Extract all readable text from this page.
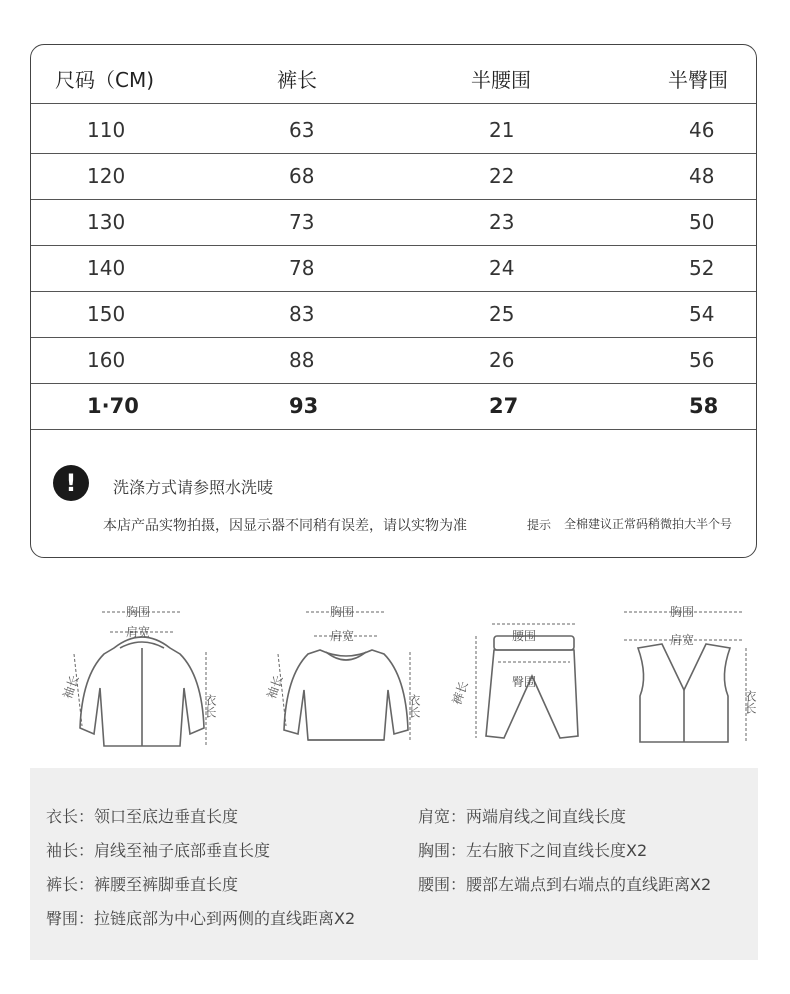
尺码（CM)	裤长	半腰围	半臀围
110	63	21	46
120	68	22	48
130	73	23	50
140	78	24	52
150	83	25	54
160	88	26	56
1·70	93	27	58
!	洗涤方式请参照水洗唛
本店产品实物拍摄，因显示器不同稍有误差，请以实物为准	提示 全棉建议正常码稍微拍大半个号
胸围
肩宽
袖长
衣长
胸围
肩宽
袖长
衣长
腰围
臀围
裤长
胸围
肩宽
衣长
衣长：领口至底边垂直长度
袖长：肩线至袖子底部垂直长度
裤长：裤腰至裤脚垂直长度
臀围：拉链底部为中心到两侧的直线距离X2
肩宽：两端肩线之间直线长度
胸围：左右腋下之间直线长度X2
腰围：腰部左端点到右端点的直线距离X2
